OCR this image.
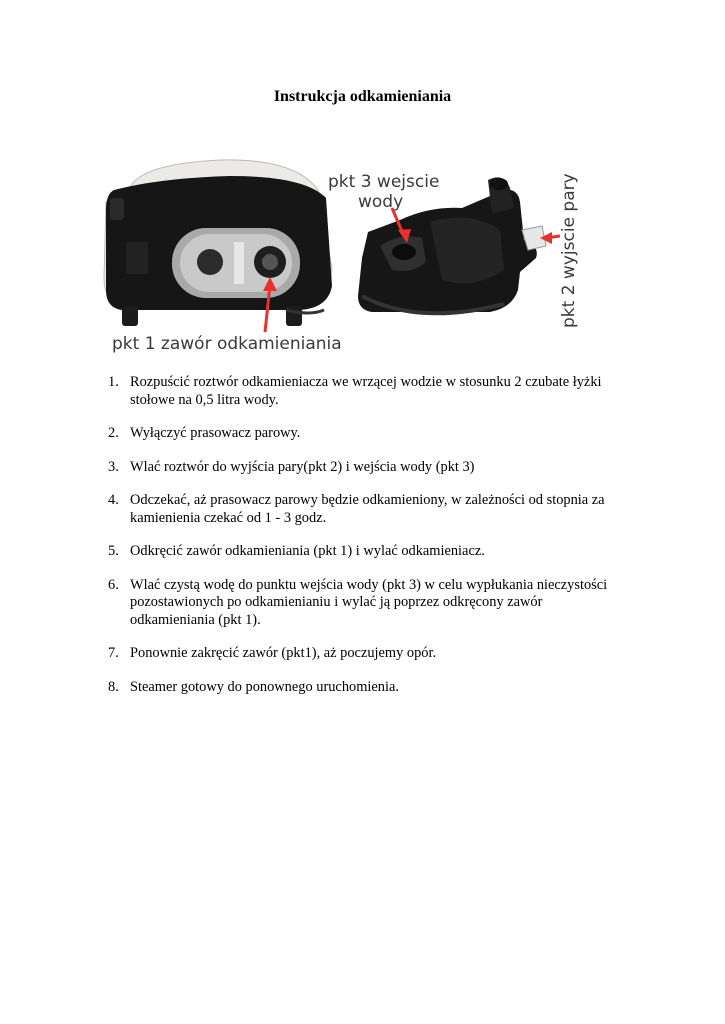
Instrukcja odkamieniania
pkt 1 zawór odkamieniania
pkt 3 wejscie
wody	pkt 2 wyjscie pary
1. Rozpuścić roztwór odkamieniacza we wrzącej wodzie w stosunku 2 czubate łyżki stołowe na 0,5 litra wody.
2. Wyłączyć prasowacz parowy.
3. Wlać roztwór do wyjścia pary(pkt 2) i wejścia wody (pkt 3)
4. Odczekać, aż prasowacz parowy będzie odkamieniony, w zależności od stopnia za kamienienia czekać od 1 - 3 godz.
5. Odkręcić zawór odkamieniania (pkt 1) i wylać odkamieniacz.
6. Wlać czystą wodę do punktu wejścia wody (pkt 3) w celu wypłukania nieczystości pozostawionych po odkamienianiu i wylać ją poprzez odkręcony zawór odkamieniania (pkt 1).
7. Ponownie zakręcić zawór (pkt1), aż poczujemy opór.
8. Steamer gotowy do ponownego uruchomienia.
